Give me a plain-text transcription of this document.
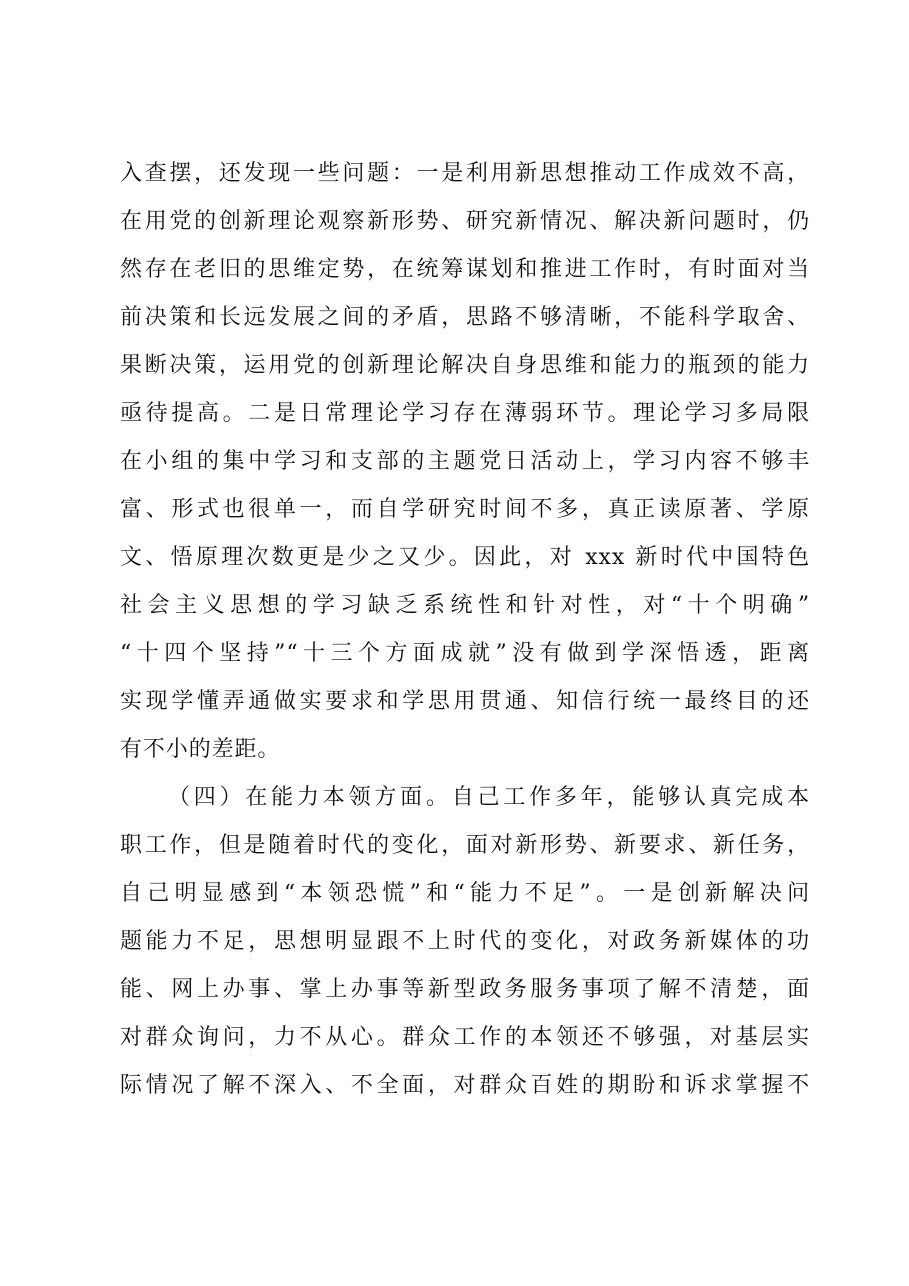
入查摆，还发现一些问题：一是利用新思想推动工作成效不高，
在用党的创新理论观察新形势、研究新情况、解决新问题时，仍
然存在老旧的思维定势，在统筹谋划和推进工作时，有时面对当
前决策和长远发展之间的矛盾，思路不够清晰，不能科学取舍、
果断决策，运用党的创新理论解决自身思维和能力的瓶颈的能力
亟待提高。二是日常理论学习存在薄弱环节。理论学习多局限
在小组的集中学习和支部的主题党日活动上，学习内容不够丰
富、形式也很单一，而自学研究时间不多，真正读原著、学原
文、悟原理次数更是少之又少。因此，对 xxx 新时代中国特色
社会主义思想的学习缺乏系统性和针对性，对“十个明确”
“十四个坚持”“十三个方面成就”没有做到学深悟透，距离
实现学懂弄通做实要求和学思用贯通、知信行统一最终目的还
有不小的差距。
（四）在能力本领方面。自己工作多年，能够认真完成本
职工作，但是随着时代的变化，面对新形势、新要求、新任务，
自己明显感到“本领恐慌”和“能力不足”。一是创新解决问
题能力不足，思想明显跟不上时代的变化，对政务新媒体的功
能、网上办事、掌上办事等新型政务服务事项了解不清楚，面
对群众询问，力不从心。群众工作的本领还不够强，对基层实
际情况了解不深入、不全面，对群众百姓的期盼和诉求掌握不
